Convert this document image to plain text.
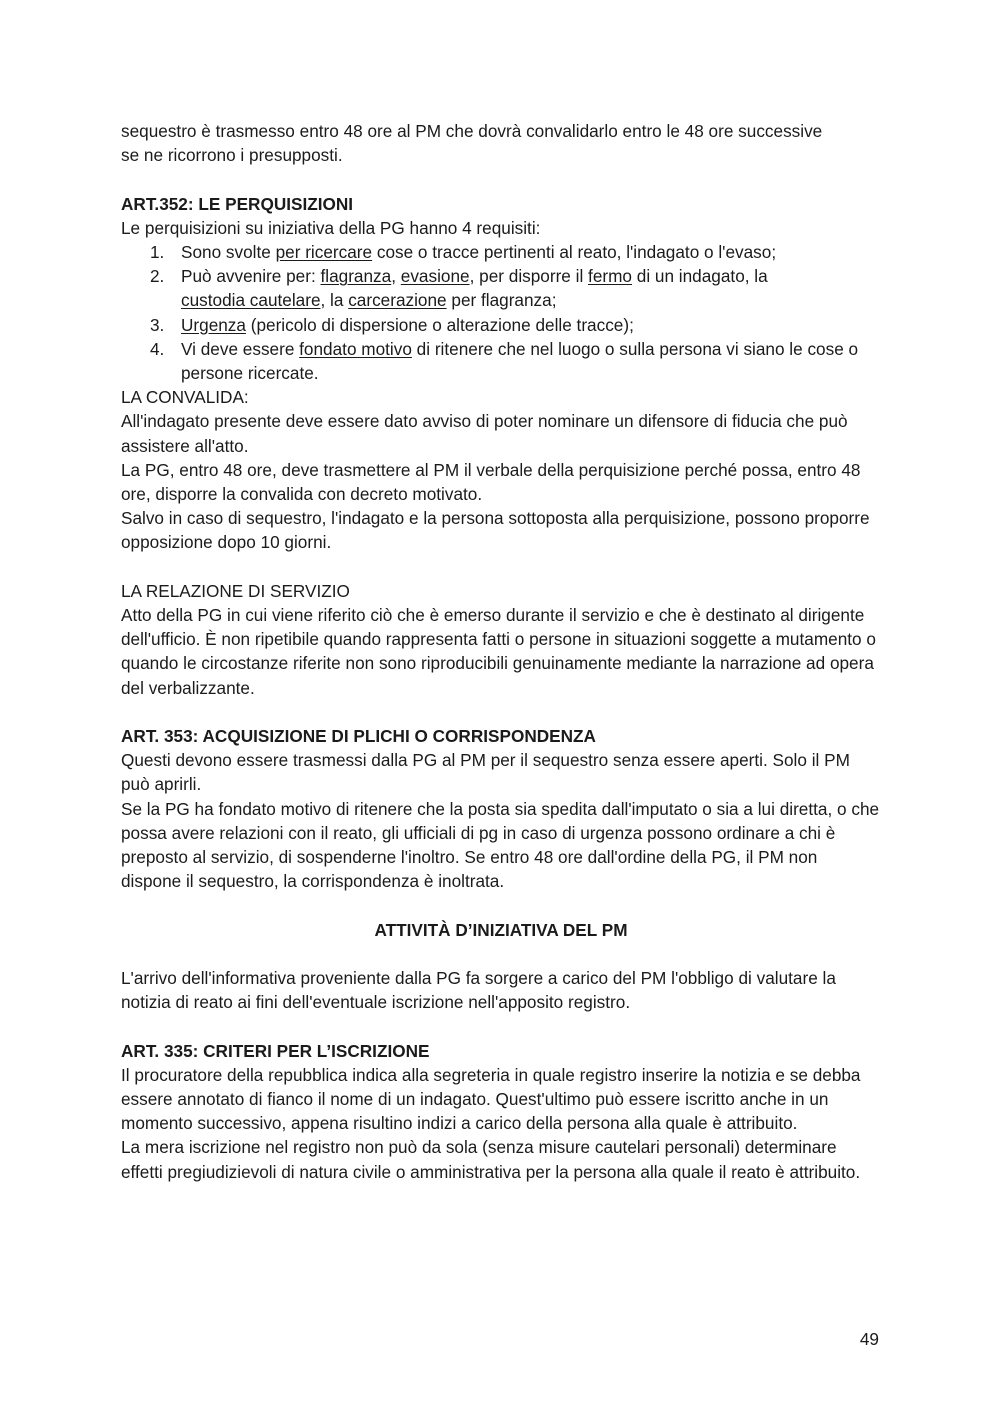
sequestro è trasmesso entro 48 ore al PM che dovrà convalidarlo entro le 48 ore successive
se ne ricorrono i presupposti.

ART.352: LE PERQUISIZIONI

Le perquisizioni su iniziativa della PG hanno 4 requisiti:

1. Sono svolte per ricercare cose o tracce pertinenti al reato, l'indagato o l'evaso;
2. Può avvenire per: flagranza, evasione, per disporre il fermo di un indagato, la
custodia cautelare, la carcerazione per flagranza;
3. Urgenza (pericolo di dispersione o alterazione delle tracce);
4. Vi deve essere fondato motivo di ritenere che nel luogo o sulla persona vi siano le cose o persone ricercate.

LA CONVALIDA:

All'indagato presente deve essere dato avviso di poter nominare un difensore di fiducia che può assistere all'atto.

La PG, entro 48 ore, deve trasmettere al PM il verbale della perquisizione perché possa, entro 48 ore, disporre la convalida con decreto motivato.

Salvo in caso di sequestro, l'indagato e la persona sottoposta alla perquisizione, possono proporre opposizione dopo 10 giorni.

LA RELAZIONE DI SERVIZIO

Atto della PG in cui viene riferito ciò che è emerso durante il servizio e che è destinato al dirigente dell'ufficio. È non ripetibile quando rappresenta fatti o persone in situazioni soggette a mutamento o quando le circostanze riferite non sono riproducibili genuinamente mediante la narrazione ad opera del verbalizzante.

ART. 353: ACQUISIZIONE DI PLICHI O CORRISPONDENZA

Questi devono essere trasmessi dalla PG al PM per il sequestro senza essere aperti. Solo il PM può aprirli.

Se la PG ha fondato motivo di ritenere che la posta sia spedita dall'imputato o sia a lui diretta, o che possa avere relazioni con il reato, gli ufficiali di pg in caso di urgenza possono ordinare a chi è preposto al servizio, di sospenderne l'inoltro. Se entro 48 ore dall'ordine della PG, il PM non dispone il sequestro, la corrispondenza è inoltrata.

ATTIVITÀ D’INIZIATIVA DEL PM

L'arrivo dell'informativa proveniente dalla PG fa sorgere a carico del PM l'obbligo di valutare la notizia di reato ai fini dell'eventuale iscrizione nell'apposito registro.

ART. 335: CRITERI PER L’ISCRIZIONE

Il procuratore della repubblica indica alla segreteria in quale registro inserire la notizia e se debba essere annotato di fianco il nome di un indagato. Quest'ultimo può essere iscritto anche in un momento successivo, appena risultino indizi a carico della persona alla quale è attribuito.

La mera iscrizione nel registro non può da sola (senza misure cautelari personali) determinare effetti pregiudizievoli di natura civile o amministrativa per la persona alla quale il reato è attribuito.

49
